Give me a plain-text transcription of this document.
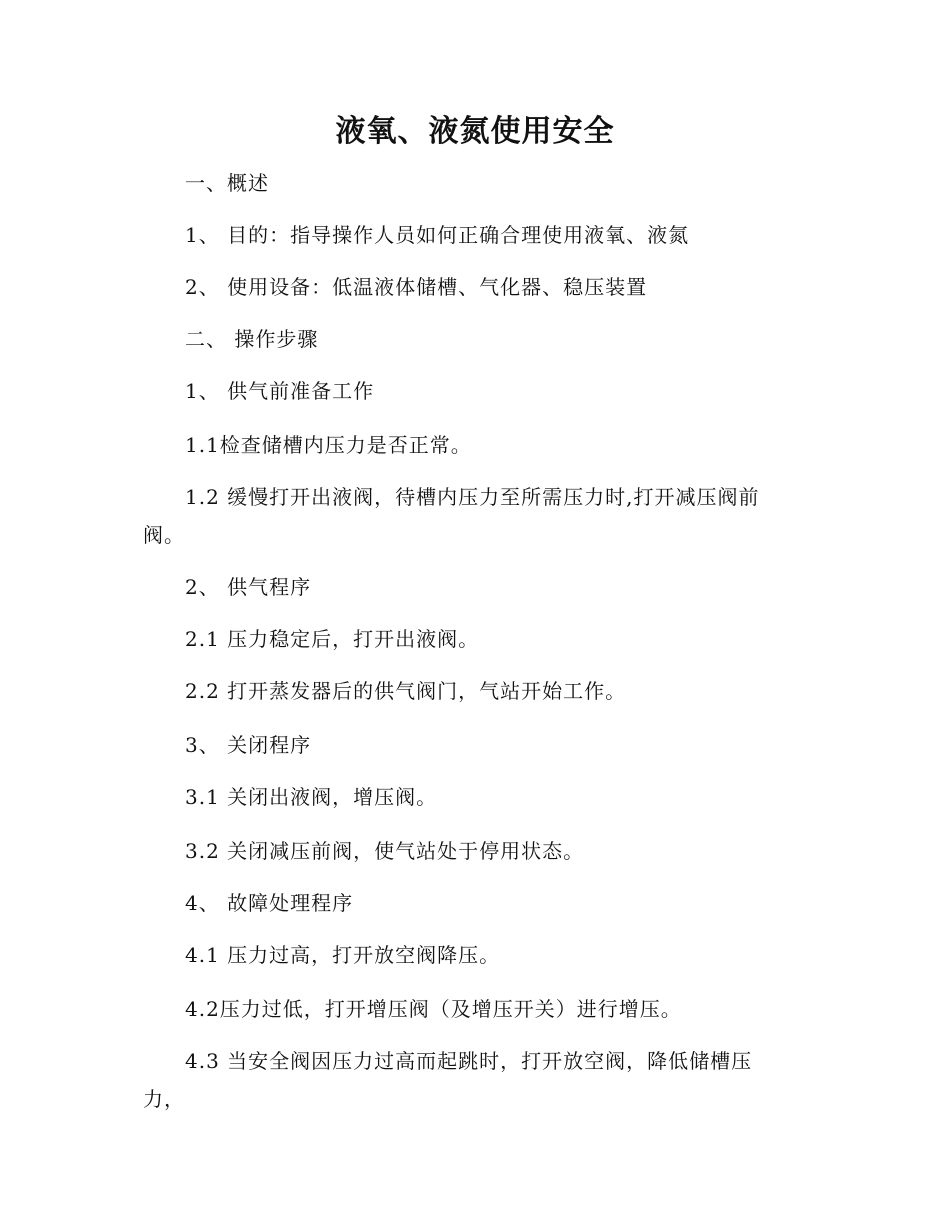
液氧、液氮使用安全

一、概述

1、 目的：指导操作人员如何正确合理使用液氧、液氮

2、 使用设备：低温液体储槽、气化器、稳压装置

二、 操作步骤

1、 供气前准备工作

1.1检查储槽内压力是否正常。

1.2 缓慢打开出液阀，待槽内压力至所需压力时,打开减压阀前
阀。

2、 供气程序

2.1 压力稳定后，打开出液阀。

2.2 打开蒸发器后的供气阀门，气站开始工作。

3、 关闭程序

3.1 关闭出液阀，增压阀。

3.2 关闭减压前阀，使气站处于停用状态。

4、 故障处理程序

4.1 压力过高，打开放空阀降压。

4.2压力过低，打开增压阀（及增压开关）进行增压。

4.3 当安全阀因压力过高而起跳时，打开放空阀，降低储槽压
力，
